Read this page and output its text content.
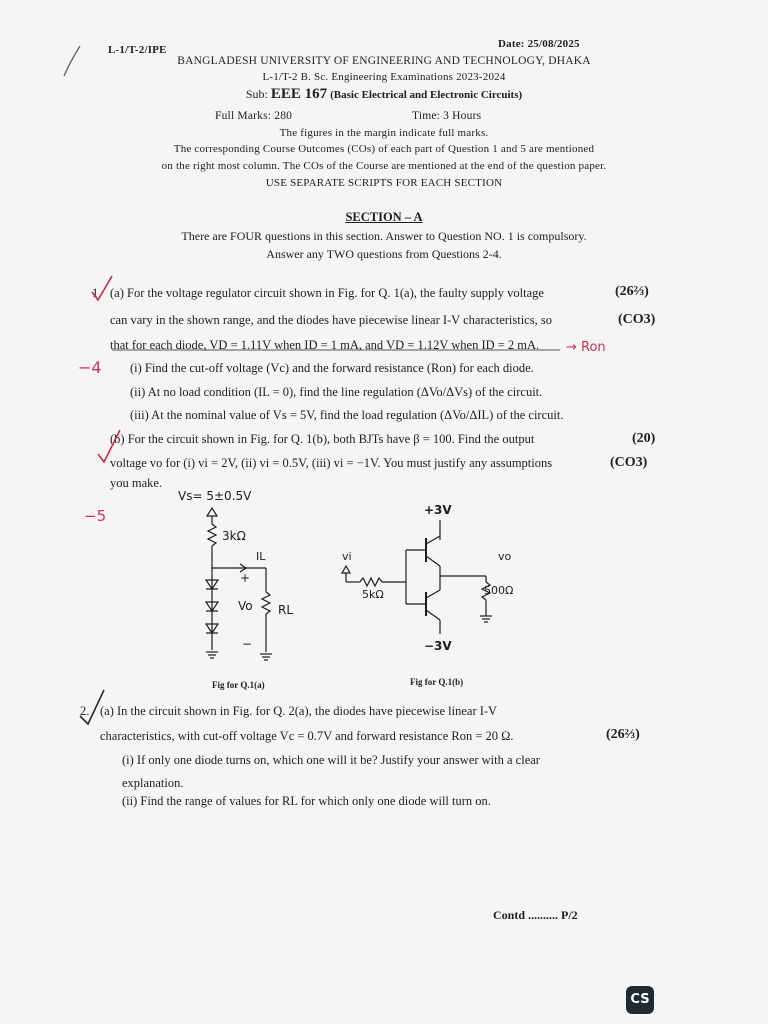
L-1/T-2/IPE	Date: 25/08/2025
BANGLADESH UNIVERSITY OF ENGINEERING AND TECHNOLOGY, DHAKA
L-1/T-2 B. Sc. Engineering Examinations 2023-2024
Sub: EEE 167 (Basic Electrical and Electronic Circuits)
Full Marks: 280	Time: 3 Hours
The figures in the margin indicate full marks.
The corresponding Course Outcomes (COs) of each part of Question 1 and 5 are mentioned
on the right most column. The COs of the Course are mentioned at the end of the question paper.
USE SEPARATE SCRIPTS FOR EACH SECTION
SECTION – A
There are FOUR questions in this section. Answer to Question NO. 1 is compulsory.
Answer any TWO questions from Questions 2-4.
1. (a) For the voltage regulator circuit shown in Fig. for Q. 1(a), the faulty supply voltage	(26⅔)
can vary in the shown range, and the diodes have piecewise linear I-V characteristics, so	(CO3)
that for each diode, VD = 1.11V when ID = 1 mA, and VD = 1.12V when ID = 2 mA. → Ron
−4 (i) Find the cut-off voltage (Vc) and the forward resistance (Ron) for each diode.
(ii) At no load condition (IL = 0), find the line regulation (ΔVo/ΔVs) of the circuit.
(iii) At the nominal value of Vs = 5V, find the load regulation (ΔVo/ΔIL) of the circuit.
(b) For the circuit shown in Fig. for Q. 1(b), both BJTs have β = 100. Find the output	(20)
voltage vo for (i) vi = 2V, (ii) vi = 0.5V, (iii) vi = −1V. You must justify any assumptions	(CO3)
you make.
−5
Vs= 5±0.5V
3kΩ
IL
+
RL
Vo
−
Fig for Q.1(a)
+3V
vi
5kΩ
−3V
vo
500Ω
Fig for Q.1(b)
2. (a) In the circuit shown in Fig. for Q. 2(a), the diodes have piecewise linear I-V
characteristics, with cut-off voltage Vc = 0.7V and forward resistance Ron = 20 Ω.	(26⅔)
(i) If only one diode turns on, which one will it be? Justify your answer with a clear
explanation.
(ii) Find the range of values for RL for which only one diode will turn on.
Contd .......... P/2
CS
